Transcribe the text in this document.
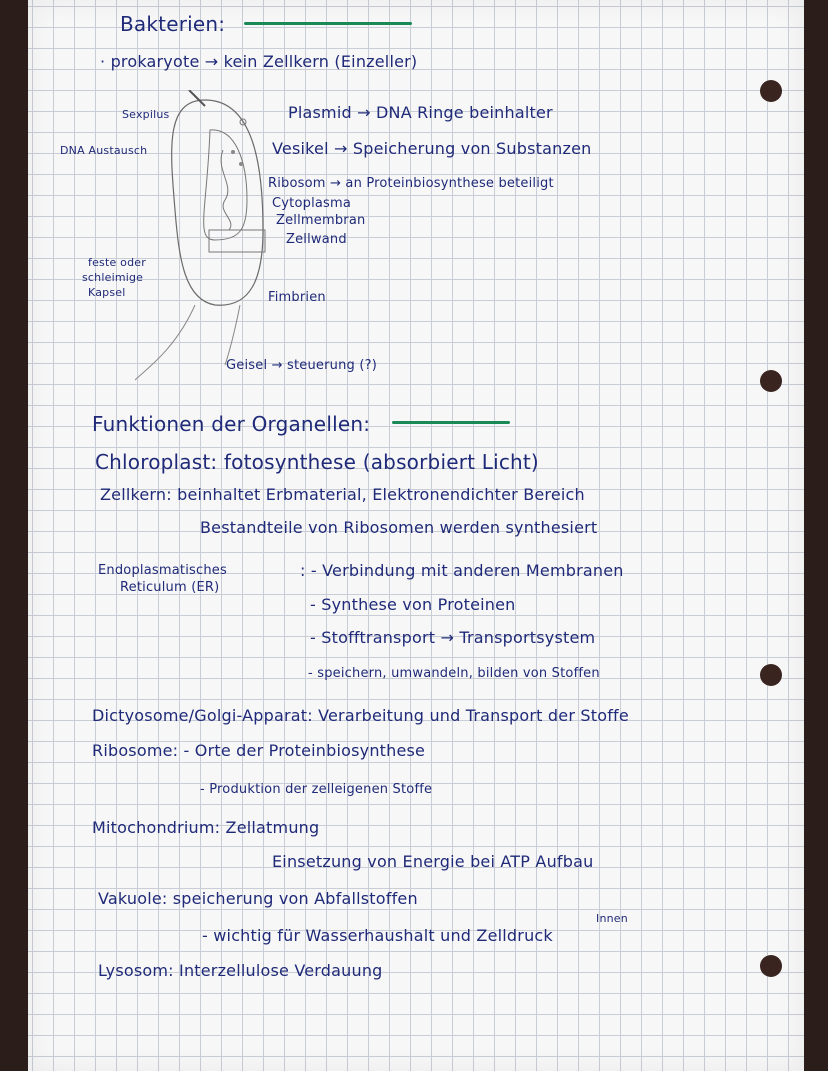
Bakterien:
· prokaryote → kein Zellkern (Einzeller)
Sexpilus
DNA Austausch
feste oder
schleimige
Kapsel
Plasmid → DNA Ringe beinhalter
Vesikel → Speicherung von Substanzen
Ribosom → an Proteinbiosynthese beteiligt
Cytoplasma
Zellmembran
Zellwand
Fimbrien
Geisel → steuerung (?)
Funktionen der Organellen:
Chloroplast: fotosynthese (absorbiert Licht)
Zellkern: beinhaltet Erbmaterial, Elektronendichter Bereich
Bestandteile von Ribosomen werden synthesiert
Endoplasmatisches
Reticulum (ER)
: - Verbindung mit anderen Membranen
- Synthese von Proteinen
- Stofftransport → Transportsystem
- speichern, umwandeln, bilden von Stoffen
Dictyosome/Golgi-Apparat: Verarbeitung und Transport der Stoffe
Ribosome: - Orte der Proteinbiosynthese
- Produktion der zelleigenen Stoffe
Mitochondrium: Zellatmung
Einsetzung von Energie bei ATP Aufbau
Vakuole: speicherung von Abfallstoffen
Innen
- wichtig für Wasserhaushalt und Zelldruck
Lysosom: Interzellulose Verdauung
